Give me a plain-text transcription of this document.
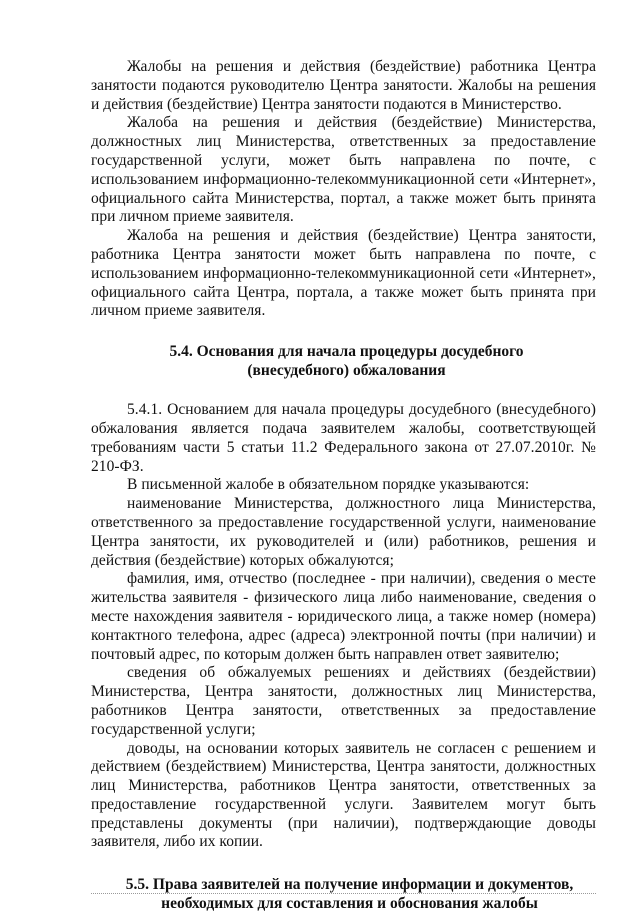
Жалобы на решения и действия (бездействие) работника Центра занятости подаются руководителю Центра занятости. Жалобы на решения и действия (бездействие) Центра занятости подаются в Министерство.

Жалоба на решения и действия (бездействие) Министерства, должностных лиц Министерства, ответственных за предоставление государственной услуги, может быть направлена по почте, с использованием информационно-телекоммуникационной сети «Интернет», официального сайта Министерства, портал, а также может быть принята при личном приеме заявителя.

Жалоба на решения и действия (бездействие) Центра занятости, работника Центра занятости может быть направлена по почте, с использованием информационно-телекоммуникационной сети «Интернет», официального сайта Центра, портала, а также может быть принята при личном приеме заявителя.

5.4. Основания для начала процедуры досудебного
(внесудебного) обжалования

5.4.1. Основанием для начала процедуры досудебного (внесудебного) обжалования является подача заявителем жалобы, соответствующей требованиям части 5 статьи 11.2 Федерального закона от 27.07.2010г. № 210-ФЗ.

В письменной жалобе в обязательном порядке указываются:

наименование Министерства, должностного лица Министерства, ответственного за предоставление государственной услуги, наименование Центра занятости, их руководителей и (или) работников, решения и действия (бездействие) которых обжалуются;

фамилия, имя, отчество (последнее - при наличии), сведения о месте жительства заявителя - физического лица либо наименование, сведения о месте нахождения заявителя - юридического лица, а также номер (номера) контактного телефона, адрес (адреса) электронной почты (при наличии) и почтовый адрес, по которым должен быть направлен ответ заявителю;

сведения об обжалуемых решениях и действиях (бездействии) Министерства, Центра занятости, должностных лиц Министерства, работников Центра занятости, ответственных за предоставление государственной услуги;

доводы, на основании которых заявитель не согласен с решением и действием (бездействием) Министерства, Центра занятости, должностных лиц Министерства, работников Центра занятости, ответственных за предоставление государственной услуги. Заявителем могут быть представлены документы (при наличии), подтверждающие доводы заявителя, либо их копии.

5.5. Права заявителей на получение информации и документов,
необходимых для составления и обоснования жалобы
